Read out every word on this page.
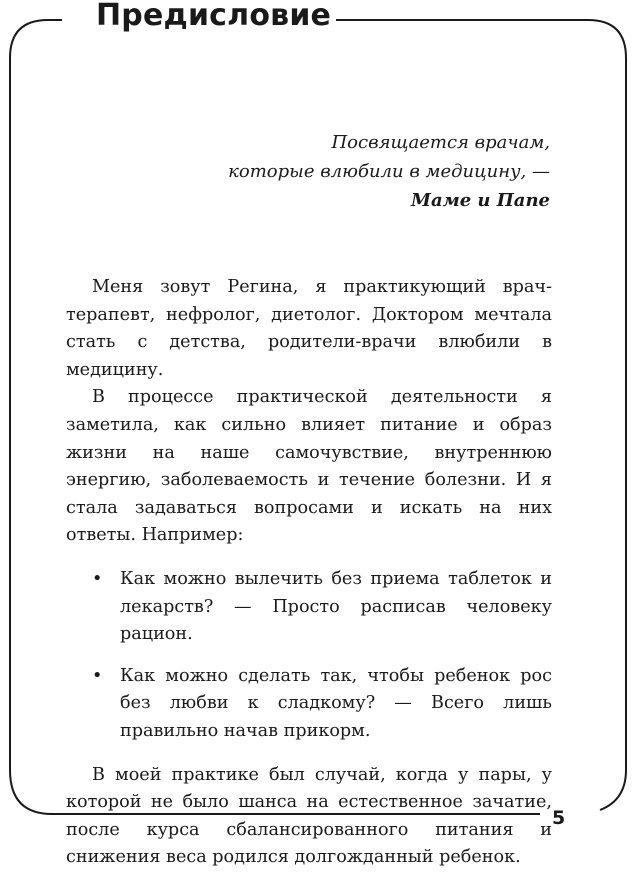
Предисловие
Посвящается врачам,
которые влюбили в медицину, —
Маме и Папе

Меня зовут Регина, я практикующий врач-терапевт, нефролог, диетолог. Доктором мечтала стать с детства, родители-врачи влюбили в медицину.

В процессе практической деятельности я заметила, как сильно влияет питание и образ жизни на наше самочувствие, внутреннюю энергию, заболеваемость и течение болезни. И я стала задаваться вопросами и искать на них ответы. Например:

• Как можно вылечить без приема таблеток и лекарств? — Просто расписав человеку рацион.
• Как можно сделать так, чтобы ребенок рос без любви к сладкому? — Всего лишь правильно начав прикорм.

В моей практике был случай, когда у пары, у которой не было шанса на естественное зачатие, после курса сбалансированного питания и снижения веса родился долгожданный ребенок.

5
